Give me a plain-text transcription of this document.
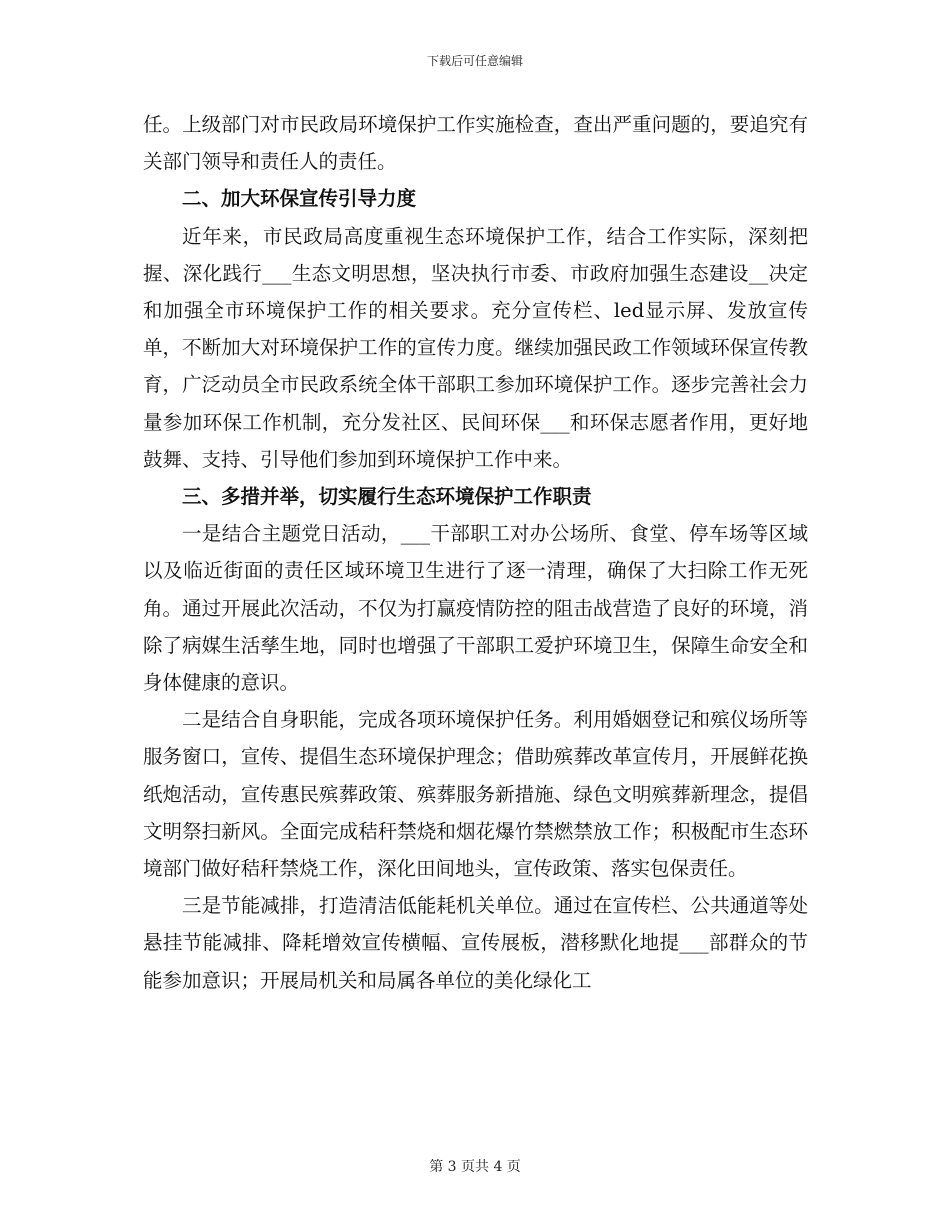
下载后可任意编辑

任。上级部门对市民政局环境保护工作实施检查，查出严重问题的，要追究有关部门领导和责任人的责任。

二、加大环保宣传引导力度

近年来，市民政局高度重视生态环境保护工作，结合工作实际，深刻把握、深化践行___生态文明思想，坚决执行市委、市政府加强生态建设__决定和加强全市环境保护工作的相关要求。充分宣传栏、led显示屏、发放宣传单，不断加大对环境保护工作的宣传力度。继续加强民政工作领域环保宣传教育，广泛动员全市民政系统全体干部职工参加环境保护工作。逐步完善社会力量参加环保工作机制，充分发社区、民间环保___和环保志愿者作用，更好地鼓舞、支持、引导他们参加到环境保护工作中来。

三、多措并举，切实履行生态环境保护工作职责

一是结合主题党日活动，___干部职工对办公场所、食堂、停车场等区域以及临近街面的责任区域环境卫生进行了逐一清理，确保了大扫除工作无死角。通过开展此次活动，不仅为打赢疫情防控的阻击战营造了良好的环境，消除了病媒生活孳生地，同时也增强了干部职工爱护环境卫生，保障生命安全和身体健康的意识。

二是结合自身职能，完成各项环境保护任务。利用婚姻登记和殡仪场所等服务窗口，宣传、提倡生态环境保护理念；借助殡葬改革宣传月，开展鲜花换纸炮活动，宣传惠民殡葬政策、殡葬服务新措施、绿色文明殡葬新理念，提倡文明祭扫新风。全面完成秸秆禁烧和烟花爆竹禁燃禁放工作；积极配市生态环境部门做好秸秆禁烧工作，深化田间地头，宣传政策、落实包保责任。

三是节能减排，打造清洁低能耗机关单位。通过在宣传栏、公共通道等处悬挂节能减排、降耗增效宣传横幅、宣传展板，潜移默化地提___部群众的节能参加意识；开展局机关和局属各单位的美化绿化工

第 3 页共 4 页
